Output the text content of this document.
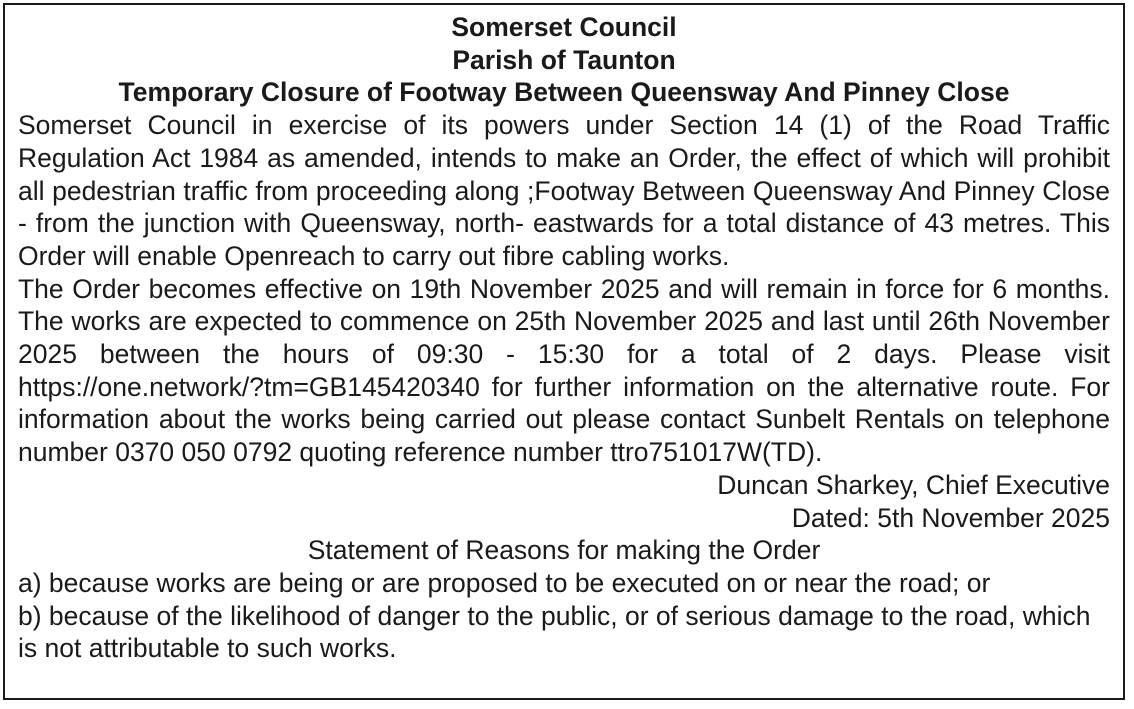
Somerset Council

Parish of Taunton

Temporary Closure of Footway Between Queensway And Pinney Close

Somerset Council in exercise of its powers under Section 14 (1) of the Road Traffic Regulation Act 1984 as amended, intends to make an Order, the effect of which will prohibit all pedestrian traffic from proceeding along ;Footway Between Queensway And Pinney Close - from the junction with Queensway, north- eastwards for a total distance of 43 metres. This Order will enable Openreach to carry out fibre cabling works.

The Order becomes effective on 19th November 2025 and will remain in force for 6 months. The works are expected to commence on 25th November 2025 and last until 26th November 2025 between the hours of 09:30 - 15:30 for a total of 2 days. Please visit https://one.network/?tm=GB145420340 for further information on the alternative route. For information about the works being carried out please contact Sunbelt Rentals on telephone number 0370 050 0792 quoting reference number ttro751017W(TD).

Duncan Sharkey, Chief Executive

Dated: 5th November 2025

Statement of Reasons for making the Order

a) because works are being or are proposed to be executed on or near the road; or

b) because of the likelihood of danger to the public, or of serious damage to the road, which is not attributable to such works.
